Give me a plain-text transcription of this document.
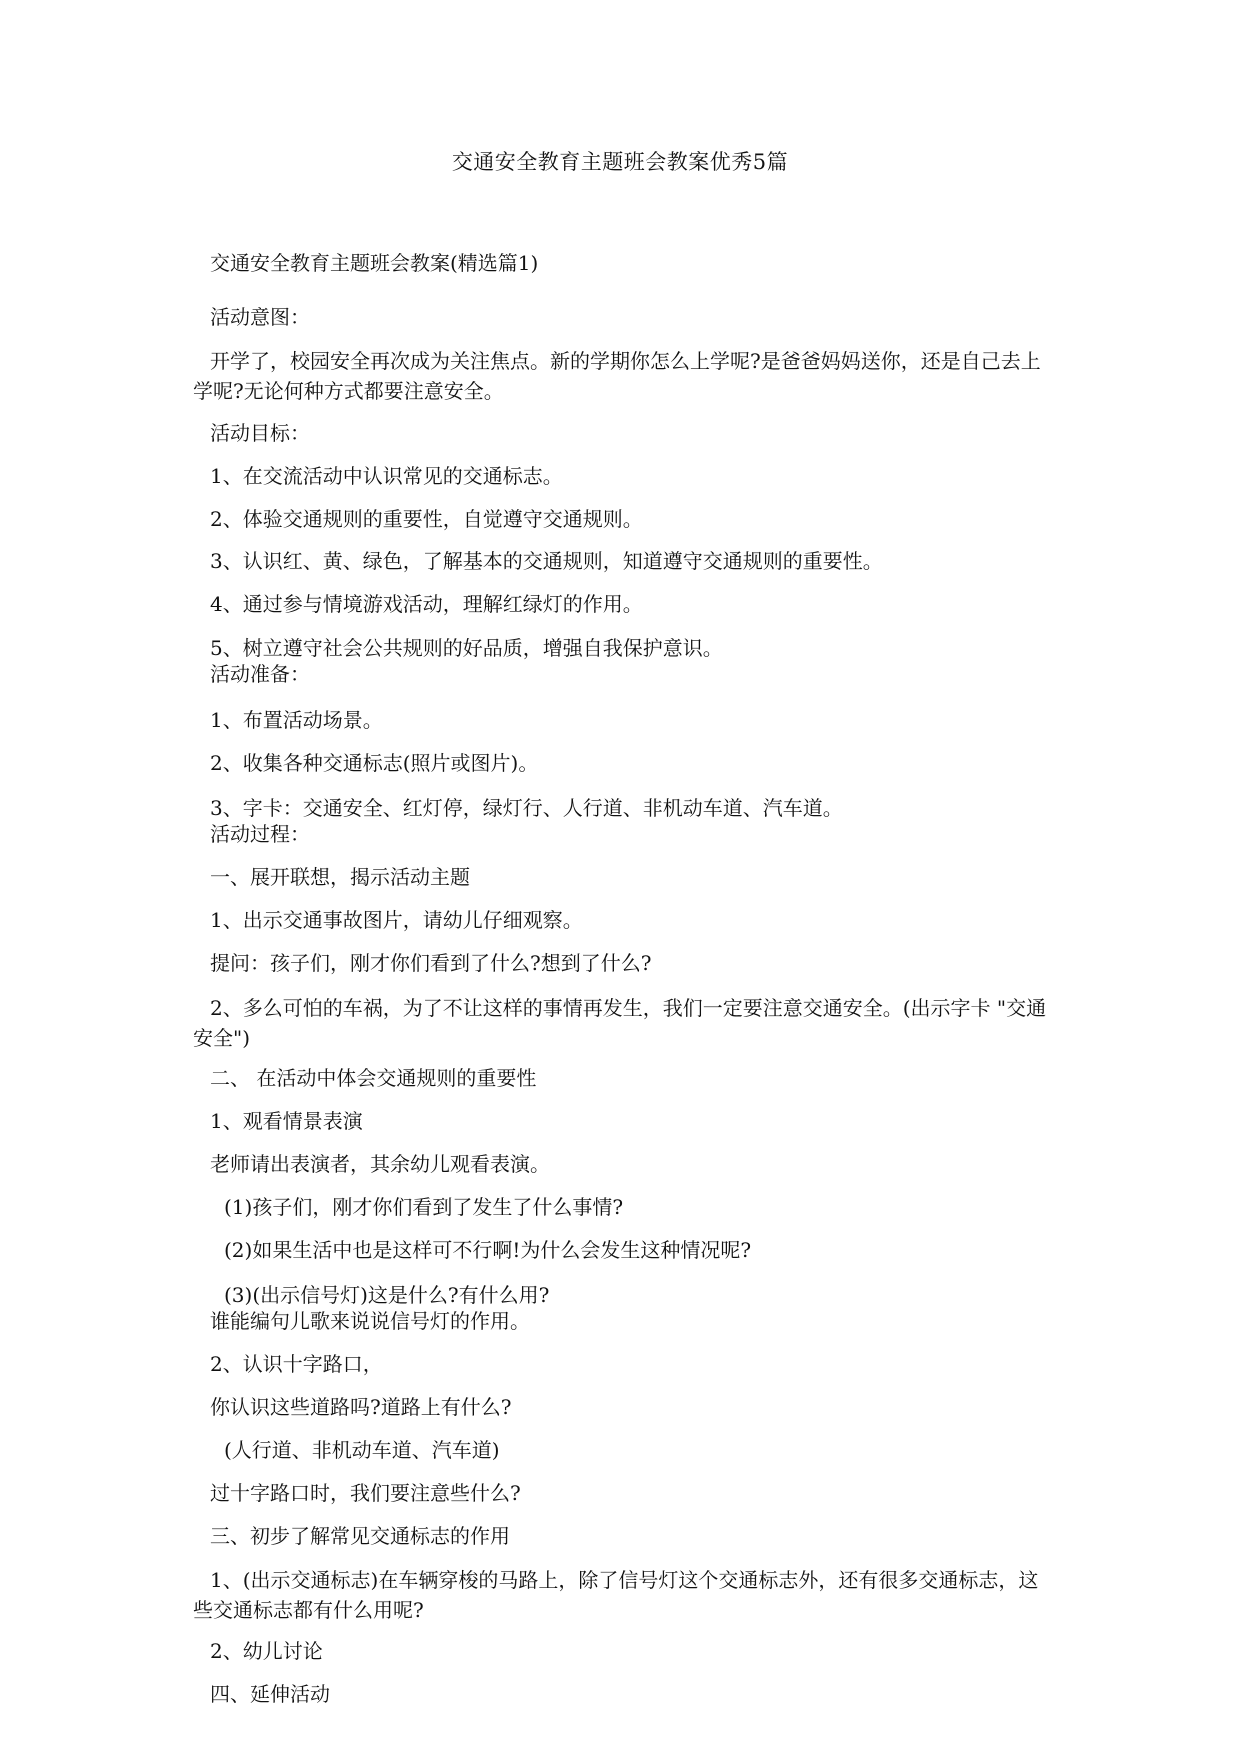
交通安全教育主题班会教案优秀5篇
交通安全教育主题班会教案(精选篇1)
活动意图：
开学了，校园安全再次成为关注焦点。新的学期你怎么上学呢?是爸爸妈妈送你，还是自己去上学呢?无论何种方式都要注意安全。
活动目标：
1、在交流活动中认识常见的交通标志。
2、体验交通规则的重要性，自觉遵守交通规则。
3、认识红、黄、绿色，了解基本的交通规则，知道遵守交通规则的重要性。
4、通过参与情境游戏活动，理解红绿灯的作用。
5、树立遵守社会公共规则的好品质，增强自我保护意识。
活动准备：
1、布置活动场景。
2、收集各种交通标志(照片或图片)。
3、字卡：交通安全、红灯停，绿灯行、人行道、非机动车道、汽车道。
活动过程：
一、展开联想，揭示活动主题
1、出示交通事故图片，请幼儿仔细观察。
提问：孩子们，刚才你们看到了什么?想到了什么?
2、多么可怕的车祸，为了不让这样的事情再发生，我们一定要注意交通安全。(出示字卡 "交通安全")
二、 在活动中体会交通规则的重要性
1、观看情景表演
老师请出表演者，其余幼儿观看表演。
(1)孩子们，刚才你们看到了发生了什么事情?
(2)如果生活中也是这样可不行啊!为什么会发生这种情况呢?
(3)(出示信号灯)这是什么?有什么用?
谁能编句儿歌来说说信号灯的作用。
2、认识十字路口，
你认识这些道路吗?道路上有什么?
(人行道、非机动车道、汽车道)
过十字路口时，我们要注意些什么?
三、初步了解常见交通标志的作用
1、(出示交通标志)在车辆穿梭的马路上，除了信号灯这个交通标志外，还有很多交通标志，这些交通标志都有什么用呢?
2、幼儿讨论
四、延伸活动
